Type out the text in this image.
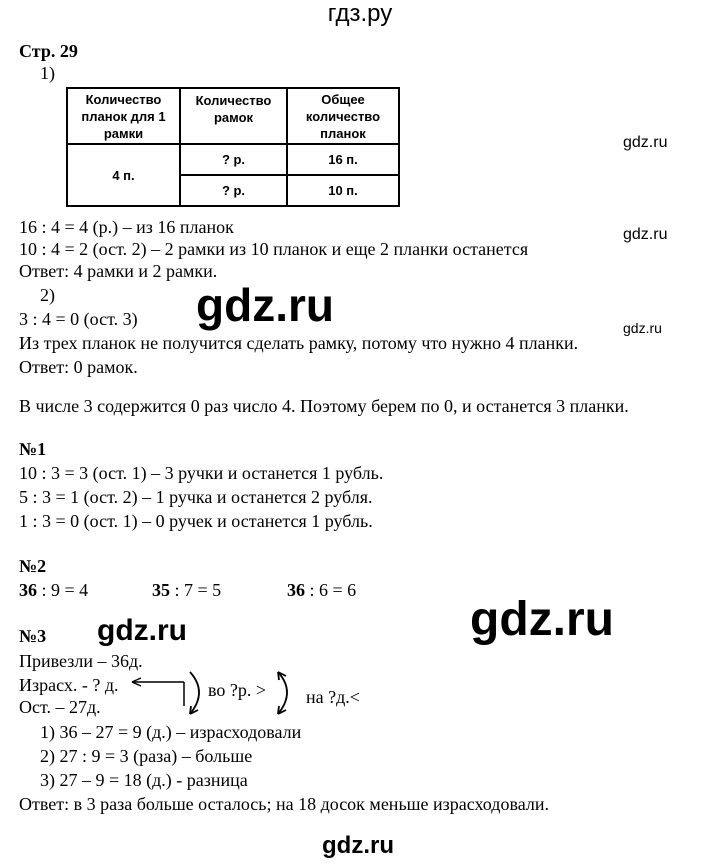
гдз.ру
Стр. 29
1)
Количество планок для 1 рамки	Количество рамок	Общее количество планок
4 п.	? р.	16 п.
	? р.	10 п.
16 : 4 = 4 (р.) – из 16 планок
10 : 4 = 2 (ост. 2) – 2 рамки из 10 планок и еще 2 планки останется
Ответ: 4 рамки и 2 рамки.
2)
3 : 4 = 0 (ост. 3)
Из трех планок не получится сделать рамку, потому что нужно 4 планки.
Ответ: 0 рамок.
В числе 3 содержится 0 раз число 4. Поэтому берем по 0, и останется 3 планки.
№1
10 : 3 = 3 (ост. 1) – 3 ручки и останется 1 рубль.
5 : 3 = 1 (ост. 2) – 1 ручка и останется 2 рубля.
1 : 3 = 0 (ост. 1) – 0 ручек и останется 1 рубль.
№2
36 : 9 = 4	35 : 7 = 5	36 : 6 = 6
№3
Привезли – 36д.
Израсх. - ? д.
Ост. – 27д.
во ?р. > на ?д.<
1) 36 – 27 = 9 (д.) – израсходовали
2) 27 : 9 = 3 (раза) – больше
3) 27 – 9 = 18 (д.) - разница
Ответ: в 3 раза больше осталось; на 18 досок меньше израсходовали.
gdz.ru
gdz.ru
gdz.ru	gdz.ru
gdz.ru
gdz.ru
gdz.ru
